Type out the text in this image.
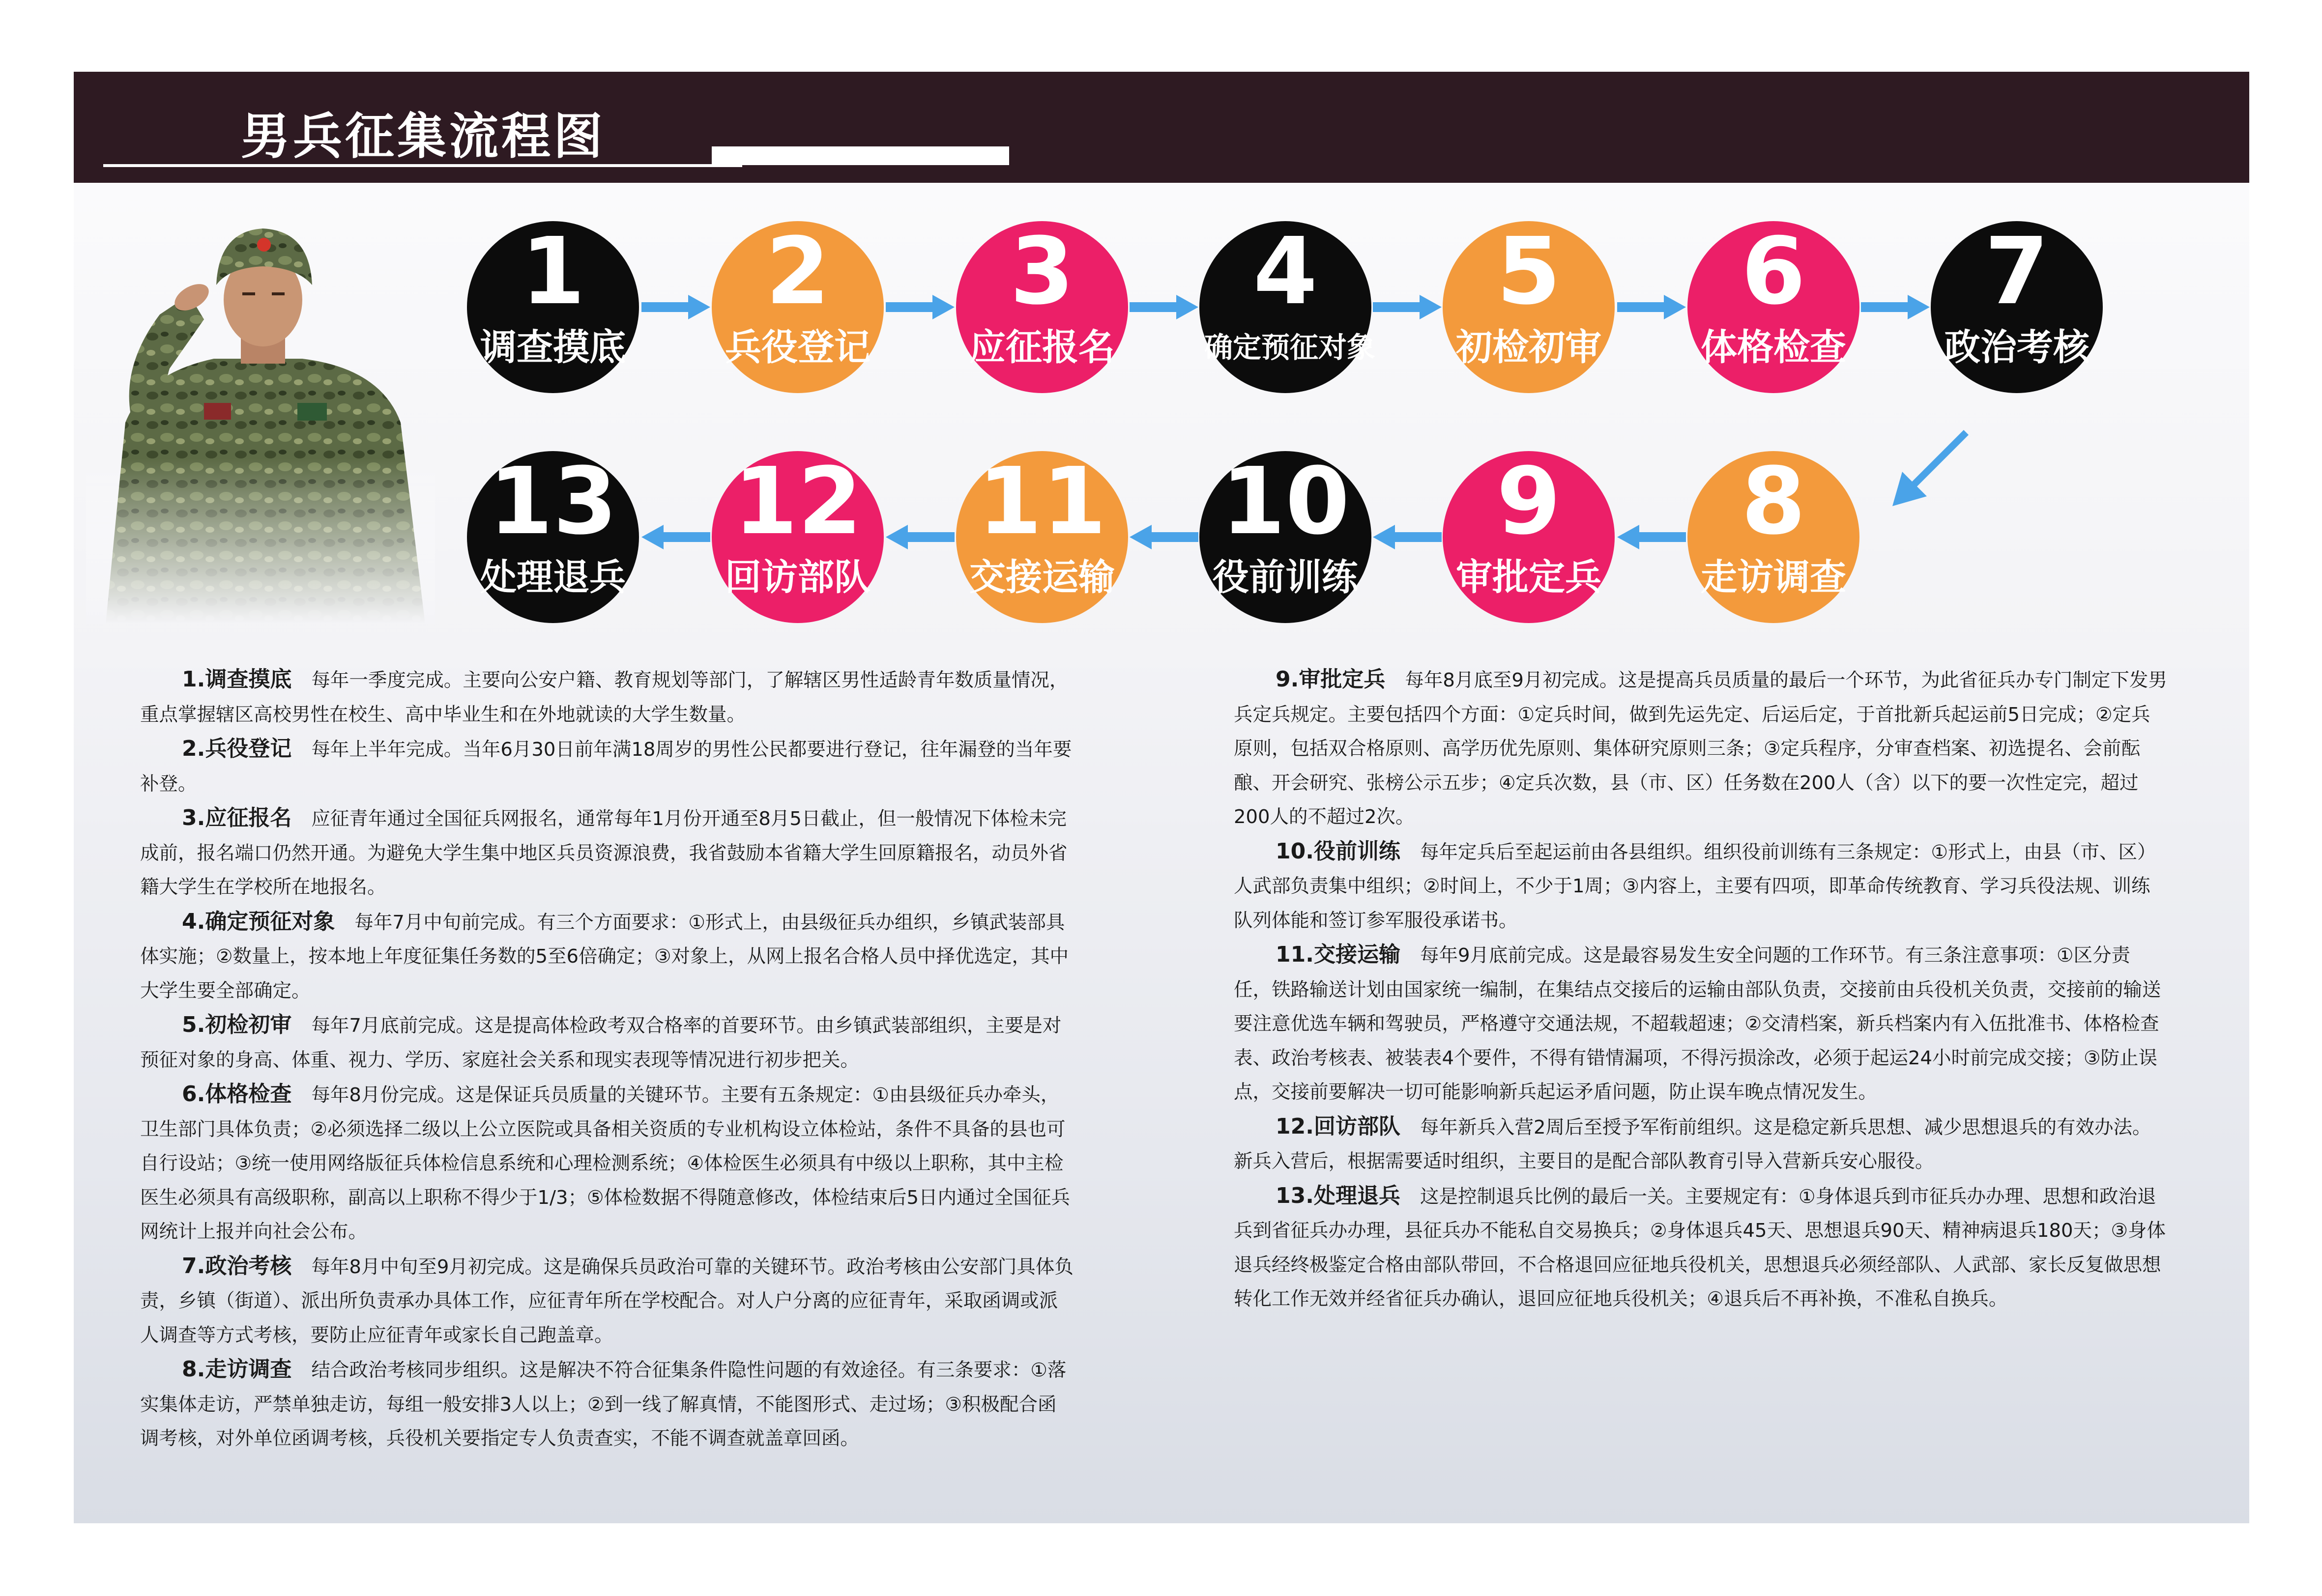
男兵征集流程图
1
调查摸底
2
兵役登记
3
应征报名
4
确定预征对象
5
初检初审
6
体格检查
7
政治考核
8
走访调查
9
审批定兵
10
役前训练
11
交接运输
12
回访部队
13
处理退兵

1.调查摸底 每年一季度完成。主要向公安户籍、教育规划等部门，了解辖区男性适龄青年数质量情况，重点掌握辖区高校男性在校生、高中毕业生和在外地就读的大学生数量。

2.兵役登记 每年上半年完成。当年6月30日前年满18周岁的男性公民都要进行登记，往年漏登的当年要补登。

3.应征报名 应征青年通过全国征兵网报名，通常每年1月份开通至8月5日截止，但一般情况下体检未完成前，报名端口仍然开通。为避免大学生集中地区兵员资源浪费，我省鼓励本省籍大学生回原籍报名，动员外省籍大学生在学校所在地报名。

4.确定预征对象 每年7月中旬前完成。有三个方面要求：①形式上，由县级征兵办组织，乡镇武装部具体实施；②数量上，按本地上年度征集任务数的5至6倍确定；③对象上，从网上报名合格人员中择优选定，其中大学生要全部确定。

5.初检初审 每年7月底前完成。这是提高体检政考双合格率的首要环节。由乡镇武装部组织，主要是对预征对象的身高、体重、视力、学历、家庭社会关系和现实表现等情况进行初步把关。

6.体格检查 每年8月份完成。这是保证兵员质量的关键环节。主要有五条规定：①由县级征兵办牵头，卫生部门具体负责；②必须选择二级以上公立医院或具备相关资质的专业机构设立体检站，条件不具备的县也可自行设站；③统一使用网络版征兵体检信息系统和心理检测系统；④体检医生必须具有中级以上职称，其中主检医生必须具有高级职称，副高以上职称不得少于1/3；⑤体检数据不得随意修改，体检结束后5日内通过全国征兵网统计上报并向社会公布。

7.政治考核 每年8月中旬至9月初完成。这是确保兵员政治可靠的关键环节。政治考核由公安部门具体负责，乡镇（街道）、派出所负责承办具体工作，应征青年所在学校配合。对人户分离的应征青年，采取函调或派人调查等方式考核，要防止应征青年或家长自己跑盖章。

8.走访调查 结合政治考核同步组织。这是解决不符合征集条件隐性问题的有效途径。有三条要求：①落实集体走访，严禁单独走访，每组一般安排3人以上；②到一线了解真情，不能图形式、走过场；③积极配合函调考核，对外单位函调考核，兵役机关要指定专人负责查实，不能不调查就盖章回函。

9.审批定兵 每年8月底至9月初完成。这是提高兵员质量的最后一个环节，为此省征兵办专门制定下发男兵定兵规定。主要包括四个方面：①定兵时间，做到先运先定、后运后定，于首批新兵起运前5日完成；②定兵原则，包括双合格原则、高学历优先原则、集体研究原则三条；③定兵程序，分审查档案、初选提名、会前酝酿、开会研究、张榜公示五步；④定兵次数，县（市、区）任务数在200人（含）以下的要一次性定完，超过200人的不超过2次。

10.役前训练 每年定兵后至起运前由各县组织。组织役前训练有三条规定：①形式上，由县（市、区）人武部负责集中组织；②时间上，不少于1周；③内容上，主要有四项，即革命传统教育、学习兵役法规、训练队列体能和签订参军服役承诺书。

11.交接运输 每年9月底前完成。这是最容易发生安全问题的工作环节。有三条注意事项：①区分责任，铁路输送计划由国家统一编制，在集结点交接后的运输由部队负责，交接前由兵役机关负责，交接前的输送要注意优选车辆和驾驶员，严格遵守交通法规，不超载超速；②交清档案，新兵档案内有入伍批准书、体格检查表、政治考核表、被装表4个要件，不得有错情漏项，不得污损涂改，必须于起运24小时前完成交接；③防止误点，交接前要解决一切可能影响新兵起运矛盾问题，防止误车晚点情况发生。

12.回访部队 每年新兵入营2周后至授予军衔前组织。这是稳定新兵思想、减少思想退兵的有效办法。新兵入营后，根据需要适时组织，主要目的是配合部队教育引导入营新兵安心服役。

13.处理退兵 这是控制退兵比例的最后一关。主要规定有：①身体退兵到市征兵办办理、思想和政治退兵到省征兵办办理，县征兵办不能私自交易换兵；②身体退兵45天、思想退兵90天、精神病退兵180天；③身体退兵经终极鉴定合格由部队带回，不合格退回应征地兵役机关，思想退兵必须经部队、人武部、家长反复做思想转化工作无效并经省征兵办确认，退回应征地兵役机关；④退兵后不再补换，不准私自换兵。
